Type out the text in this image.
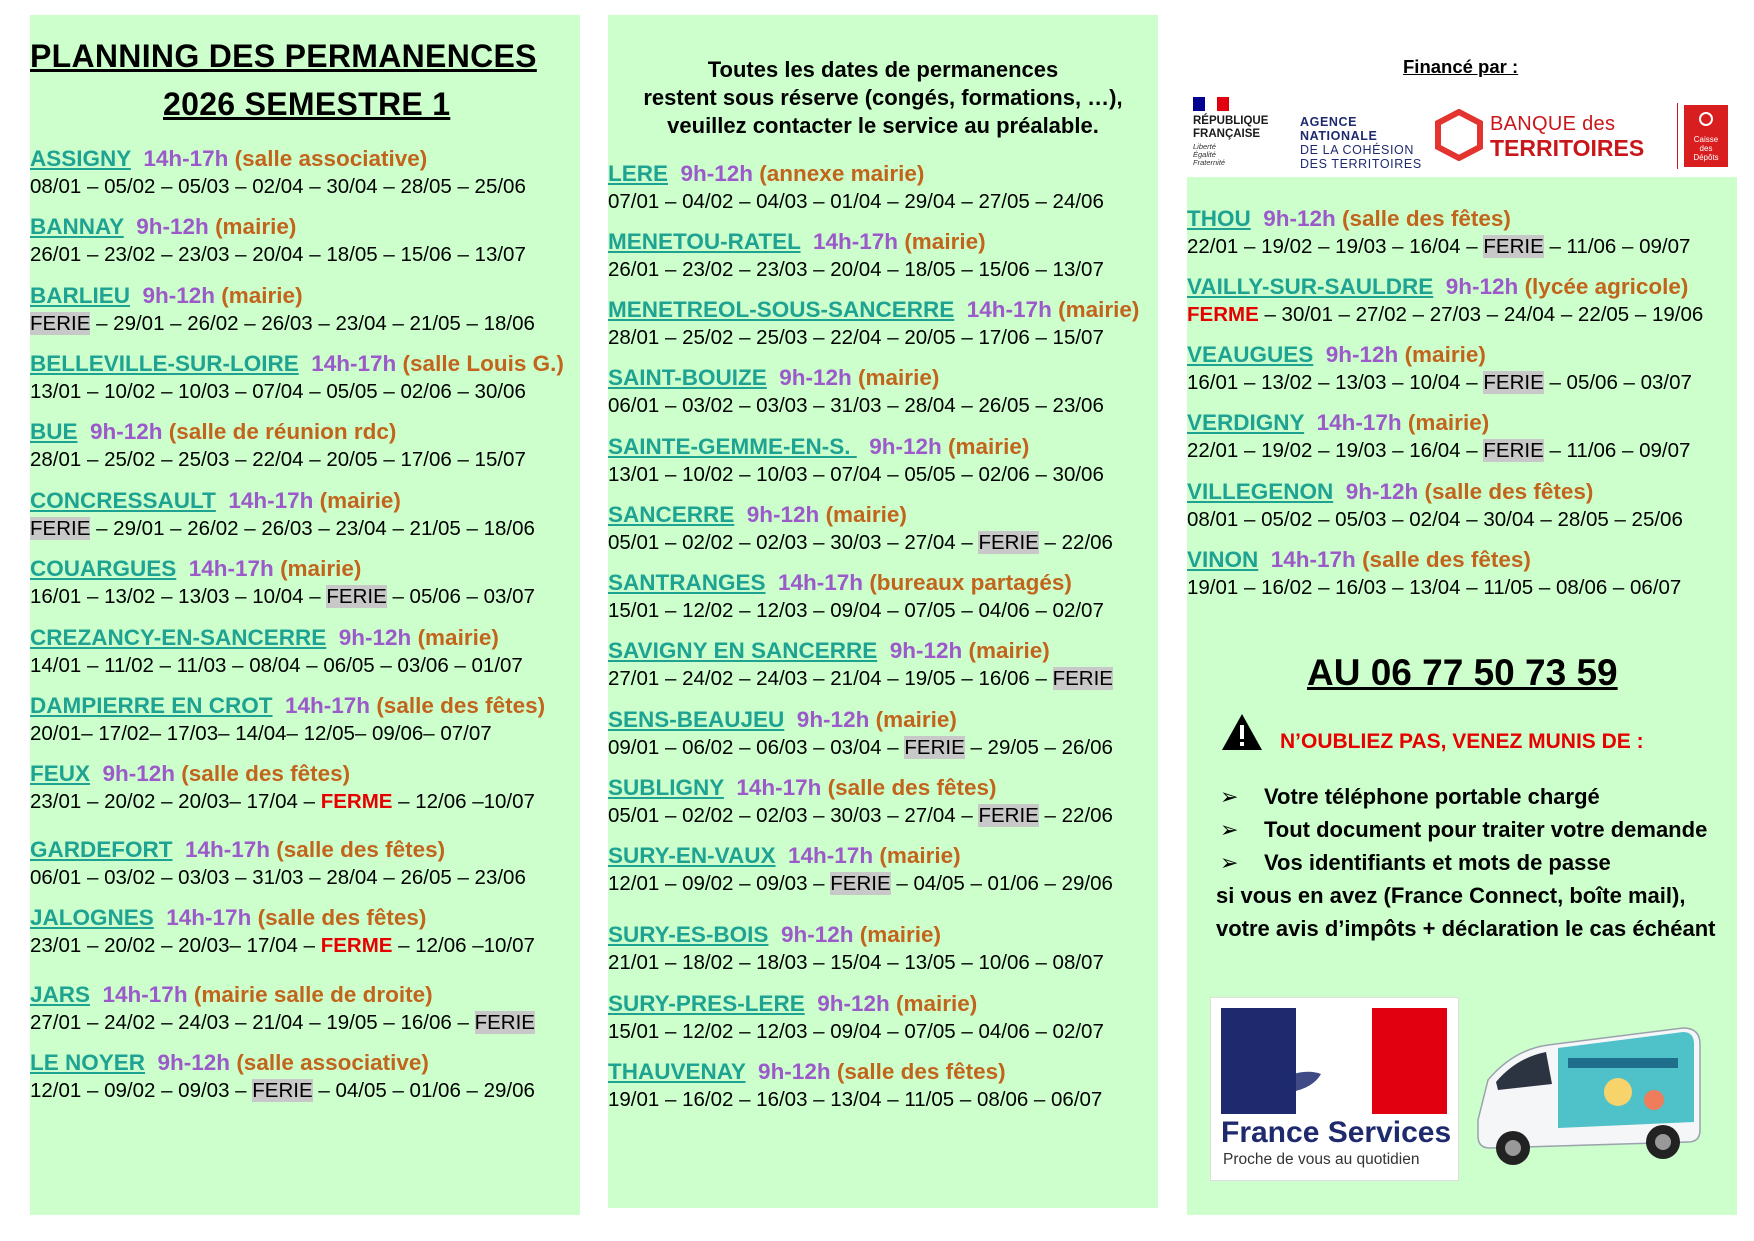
PLANNING DES PERMANENCES
2026 SEMESTRE 1
Toutes les dates de permanences
restent sous réserve (congés, formations, …),
veuillez contacter le service au préalable.
ASSIGNY  14h-17h (salle associative)
08/01 – 05/02 – 05/03 – 02/04 – 30/04 – 28/05 – 25/06
BANNAY  9h-12h (mairie)
26/01 – 23/02 – 23/03 – 20/04 – 18/05 – 15/06 – 13/07
BARLIEU  9h-12h (mairie)
FERIE – 29/01 – 26/02 – 26/03 – 23/04 – 21/05 – 18/06
BELLEVILLE-SUR-LOIRE  14h-17h (salle Louis G.)
13/01 – 10/02 – 10/03 – 07/04 – 05/05 – 02/06 – 30/06
BUE  9h-12h (salle de réunion rdc)
28/01 – 25/02 – 25/03 – 22/04 – 20/05 – 17/06 – 15/07
CONCRESSAULT  14h-17h (mairie)
FERIE – 29/01 – 26/02 – 26/03 – 23/04 – 21/05 – 18/06
COUARGUES  14h-17h (mairie)
16/01 – 13/02 – 13/03 – 10/04 – FERIE – 05/06 – 03/07
CREZANCY-EN-SANCERRE  9h-12h (mairie)
14/01 – 11/02 – 11/03 – 08/04 – 06/05 – 03/06 – 01/07
DAMPIERRE EN CROT  14h-17h (salle des fêtes)
20/01– 17/02– 17/03– 14/04– 12/05– 09/06– 07/07
FEUX  9h-12h (salle des fêtes)
23/01 – 20/02 – 20/03– 17/04 – FERME – 12/06 –10/07
GARDEFORT  14h-17h (salle des fêtes)
06/01 – 03/02 – 03/03 – 31/03 – 28/04 – 26/05 – 23/06
JALOGNES  14h-17h (salle des fêtes)
23/01 – 20/02 – 20/03– 17/04 – FERME – 12/06 –10/07
JARS  14h-17h (mairie salle de droite)
27/01 – 24/02 – 24/03 – 21/04 – 19/05 – 16/06 – FERIE
LE NOYER  9h-12h (salle associative)
12/01 – 09/02 – 09/03 – FERIE – 04/05 – 01/06 – 29/06
LERE  9h-12h (annexe mairie)
07/01 – 04/02 – 04/03 – 01/04 – 29/04 – 27/05 – 24/06
MENETOU-RATEL  14h-17h (mairie)
26/01 – 23/02 – 23/03 – 20/04 – 18/05 – 15/06 – 13/07
MENETREOL-SOUS-SANCERRE  14h-17h (mairie)
28/01 – 25/02 – 25/03 – 22/04 – 20/05 – 17/06 – 15/07
SAINT-BOUIZE  9h-12h (mairie)
06/01 – 03/02 – 03/03 – 31/03 – 28/04 – 26/05 – 23/06
SAINTE-GEMME-EN-S.   9h-12h (mairie)
13/01 – 10/02 – 10/03 – 07/04 – 05/05 – 02/06 – 30/06
SANCERRE  9h-12h (mairie)
05/01 – 02/02 – 02/03 – 30/03 – 27/04 – FERIE – 22/06
SANTRANGES  14h-17h (bureaux partagés)
15/01 – 12/02 – 12/03 – 09/04 – 07/05 – 04/06 – 02/07
SAVIGNY EN SANCERRE  9h-12h (mairie)
27/01 – 24/02 – 24/03 – 21/04 – 19/05 – 16/06 – FERIE
SENS-BEAUJEU  9h-12h (mairie)
09/01 – 06/02 – 06/03 – 03/04 – FERIE – 29/05 – 26/06
SUBLIGNY  14h-17h (salle des fêtes)
05/01 – 02/02 – 02/03 – 30/03 – 27/04 – FERIE – 22/06
SURY-EN-VAUX  14h-17h (mairie)
12/01 – 09/02 – 09/03 – FERIE – 04/05 – 01/06 – 29/06
SURY-ES-BOIS  9h-12h (mairie)
21/01 – 18/02 – 18/03 – 15/04 – 13/05 – 10/06 – 08/07
SURY-PRES-LERE  9h-12h (mairie)
15/01 – 12/02 – 12/03 – 09/04 – 07/05 – 04/06 – 02/07
THAUVENAY  9h-12h (salle des fêtes)
19/01 – 16/02 – 16/03 – 13/04 – 11/05 – 08/06 – 06/07
THOU  9h-12h (salle des fêtes)
22/01 – 19/02 – 19/03 – 16/04 – FERIE – 11/06 – 09/07
VAILLY-SUR-SAULDRE  9h-12h (lycée agricole)
FERME – 30/01 – 27/02 – 27/03 – 24/04 – 22/05 – 19/06
VEAUGUES  9h-12h (mairie)
16/01 – 13/02 – 13/03 – 10/04 – FERIE – 05/06 – 03/07
VERDIGNY  14h-17h (mairie)
22/01 – 19/02 – 19/03 – 16/04 – FERIE – 11/06 – 09/07
VILLEGENON  9h-12h (salle des fêtes)
08/01 – 05/02 – 05/03 – 02/04 – 30/04 – 28/05 – 25/06
VINON  14h-17h (salle des fêtes)
19/01 – 16/02 – 16/03 – 13/04 – 11/05 – 08/06 – 06/07
Financé par :
RÉPUBLIQUE
FRANÇAISE
Liberté
Égalité
Fraternité
AGENCE
NATIONALE
DE LA COHÉSION
DES TERRITOIRES
BANQUE des
TERRITOIRES	Caisse
des Dépôts
AU 06 77 50 73 59
N’OUBLIEZ PAS, VENEZ MUNIS DE :
➢ Votre téléphone portable chargé
➢ Tout document pour traiter votre demande
➢ Vos identifiants et mots de passe
si vous en avez (France Connect, boîte mail),
votre avis d’impôts + déclaration le cas échéant
France Services
Proche de vous au quotidien
